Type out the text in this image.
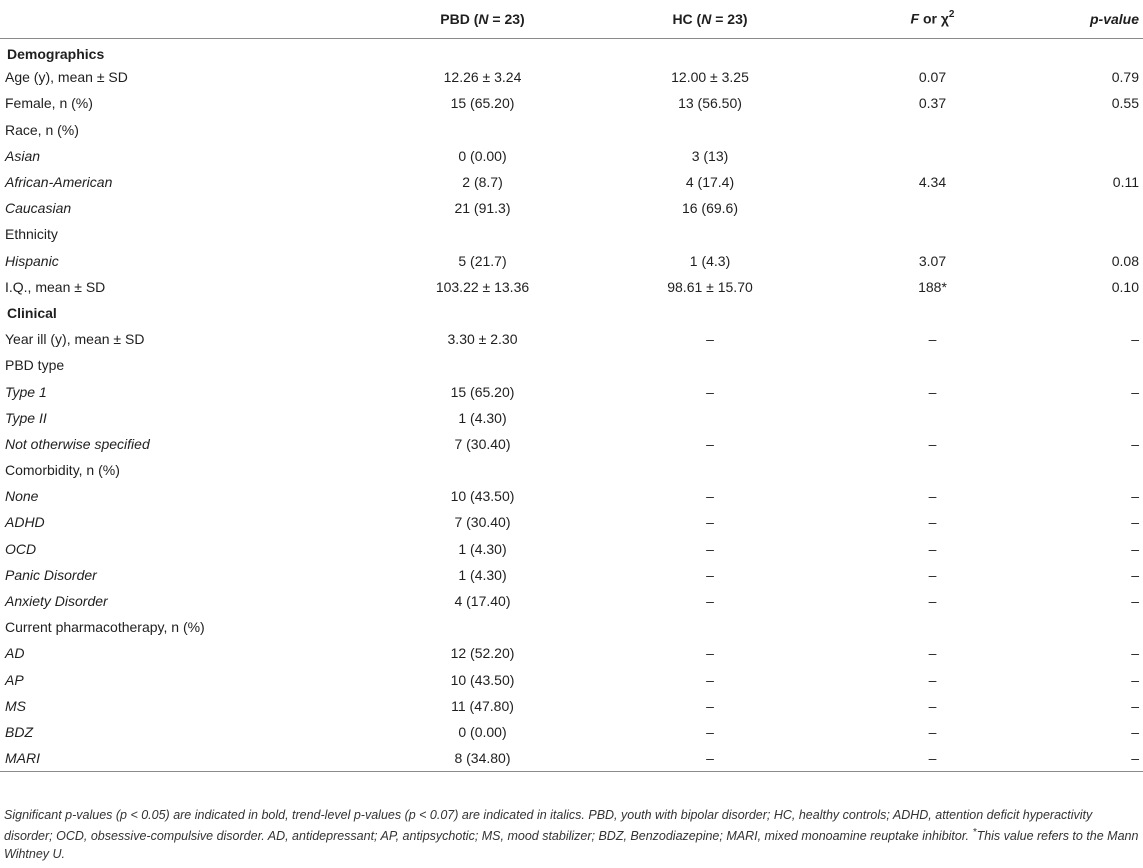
	PBD (N = 23)	HC (N = 23)	F or $\chi^2$	p-value
Demographics				
Age (y), mean ± SD	12.26 ± 3.24	12.00 ± 3.25	0.07	0.79
Female, n (%)	15 (65.20)	13 (56.50)	0.37	0.55
Race, n (%)				
Asian	0 (0.00)	3 (13)		
African-American	2 (8.7)	4 (17.4)	4.34	0.11
Caucasian	21 (91.3)	16 (69.6)		
Ethnicity				
Hispanic	5 (21.7)	1 (4.3)	3.07	0.08
I.Q., mean ± SD	103.22 ± 13.36	98.61 ± 15.70	188*	0.10
Clinical				
Year ill (y), mean ± SD	3.30 ± 2.30	–	–	–
PBD type				
Type 1	15 (65.20)	–	–	–
Type II	1 (4.30)			
Not otherwise specified	7 (30.40)	–	–	–
Comorbidity, n (%)				
None	10 (43.50)	–	–	–
ADHD	7 (30.40)	–	–	–
OCD	1 (4.30)	–	–	–
Panic Disorder	1 (4.30)	–	–	–
Anxiety Disorder	4 (17.40)	–	–	–
Current pharmacotherapy, n (%)				
AD	12 (52.20)	–	–	–
AP	10 (43.50)	–	–	–
MS	11 (47.80)	–	–	–
BDZ	0 (0.00)	–	–	–
MARI	8 (34.80)	–	–	–
Significant p-values (p < 0.05) are indicated in bold, trend-level p-values (p < 0.07) are indicated in italics. PBD, youth with bipolar disorder; HC, healthy controls; ADHD, attention deficit hyperactivity disorder; OCD, obsessive-compulsive disorder. AD, antidepressant; AP, antipsychotic; MS, mood stabilizer; BDZ, Benzodiazepine; MARI, mixed monoamine reuptake inhibitor. *This value refers to the Mann Wihtney U.
